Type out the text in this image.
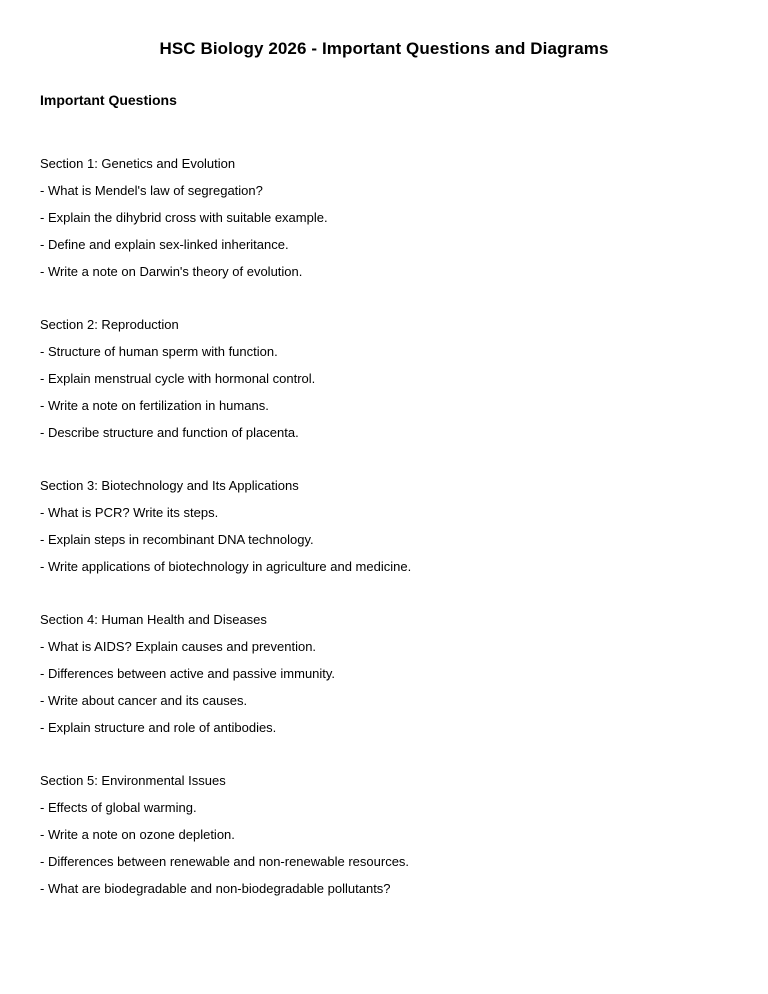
HSC Biology 2026 - Important Questions and Diagrams
Important Questions

Section 1: Genetics and Evolution

- What is Mendel's law of segregation?

- Explain the dihybrid cross with suitable example.

- Define and explain sex-linked inheritance.

- Write a note on Darwin's theory of evolution.

Section 2: Reproduction

- Structure of human sperm with function.

- Explain menstrual cycle with hormonal control.

- Write a note on fertilization in humans.

- Describe structure and function of placenta.

Section 3: Biotechnology and Its Applications

- What is PCR? Write its steps.

- Explain steps in recombinant DNA technology.

- Write applications of biotechnology in agriculture and medicine.

Section 4: Human Health and Diseases

- What is AIDS? Explain causes and prevention.

- Differences between active and passive immunity.

- Write about cancer and its causes.

- Explain structure and role of antibodies.

Section 5: Environmental Issues

- Effects of global warming.

- Write a note on ozone depletion.

- Differences between renewable and non-renewable resources.

- What are biodegradable and non-biodegradable pollutants?
